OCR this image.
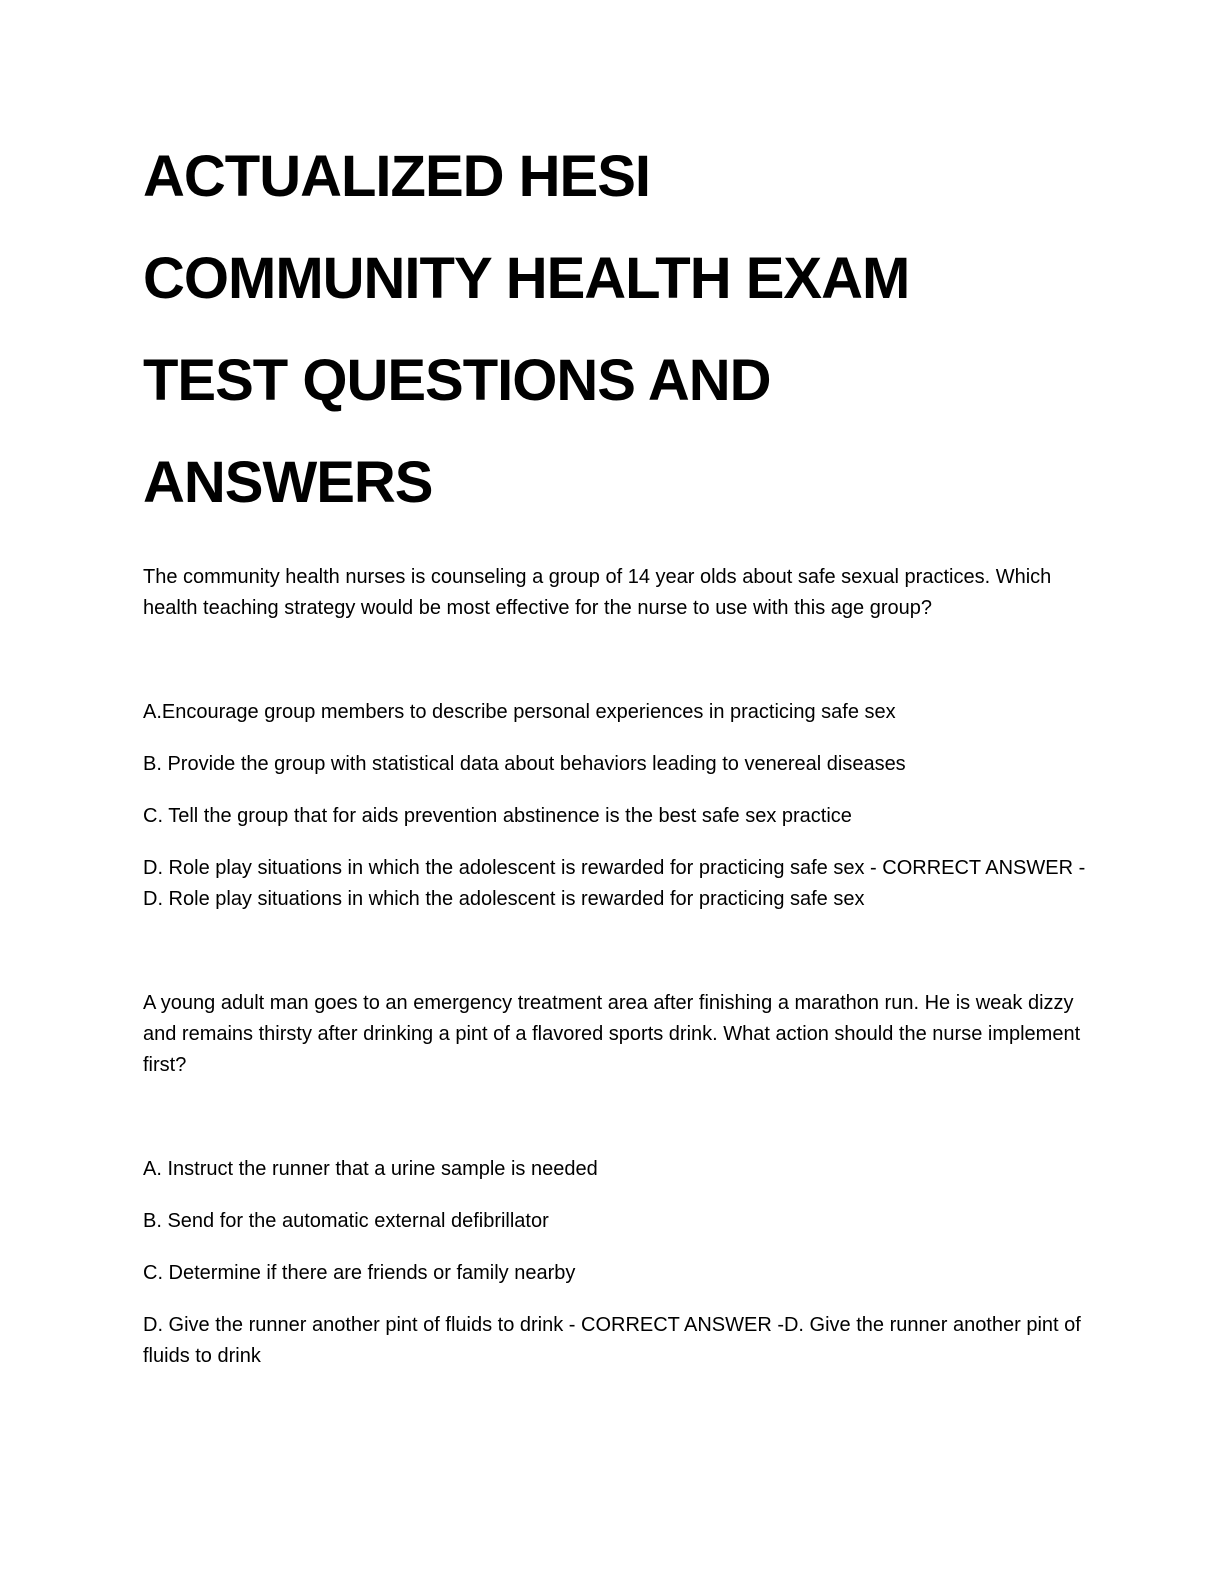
ACTUALIZED HESI
COMMUNITY HEALTH EXAM
TEST QUESTIONS AND
ANSWERS

The community health nurses is counseling a group of 14 year olds about safe sexual practices. Which health teaching strategy would be most effective for the nurse to use with this age group?

A.Encourage group members to describe personal experiences in practicing safe sex

B. Provide the group with statistical data about behaviors leading to venereal diseases

C. Tell the group that for aids prevention abstinence is the best safe sex practice

D. Role play situations in which the adolescent is rewarded for practicing safe sex - CORRECT ANSWER - D. Role play situations in which the adolescent is rewarded for practicing safe sex

A young adult man goes to an emergency treatment area after finishing a marathon run. He is weak dizzy and remains thirsty after drinking a pint of a flavored sports drink. What action should the nurse implement first?

A. Instruct the runner that a urine sample is needed

B. Send for the automatic external defibrillator

C. Determine if there are friends or family nearby

D. Give the runner another pint of fluids to drink - CORRECT ANSWER -D. Give the runner another pint of fluids to drink
